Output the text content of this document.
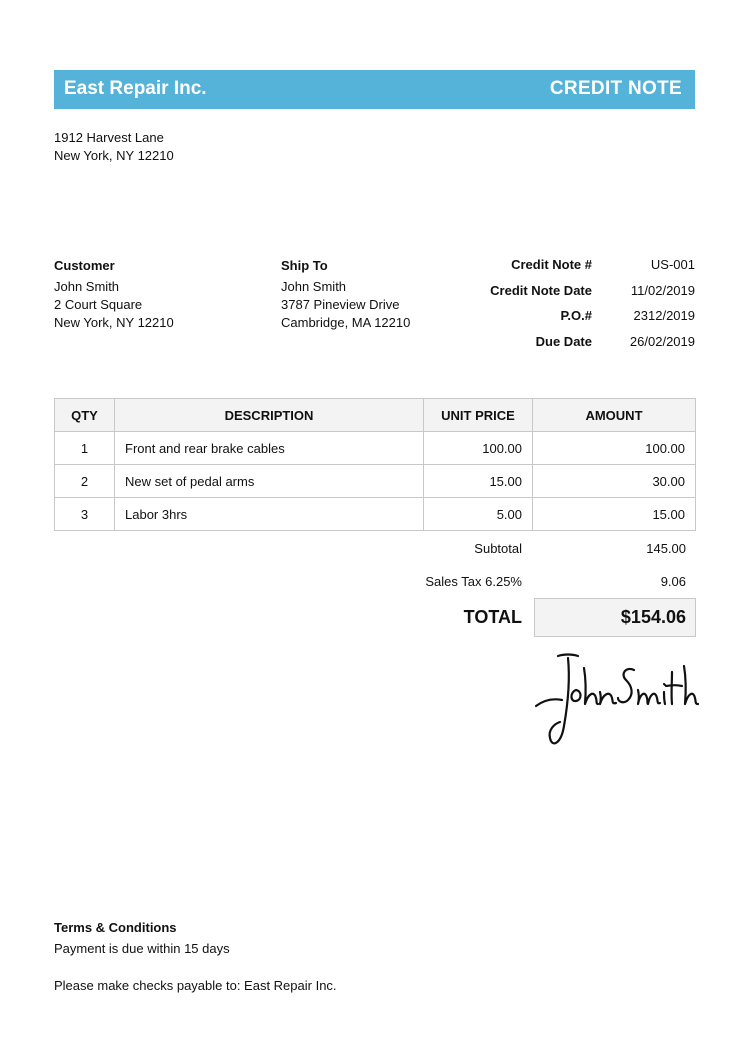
East Repair Inc.	CREDIT NOTE
1912 Harvest Lane
New York, NY 12210
Customer
John Smith
2 Court Square
New York, NY 12210
Ship To
John Smith
3787 Pineview Drive
Cambridge, MA 12210
Credit Note #	US-001
Credit Note Date	11/02/2019
P.O.#	2312/2019
Due Date	26/02/2019
QTY	DESCRIPTION	UNIT PRICE	AMOUNT
1	Front and rear brake cables	100.00	100.00
2	New set of pedal arms	15.00	30.00
3	Labor 3hrs	5.00	15.00
Subtotal	145.00
Sales Tax 6.25%	9.06
TOTAL	$154.06
Terms & Conditions
Payment is due within 15 days
Please make checks payable to: East Repair Inc.
